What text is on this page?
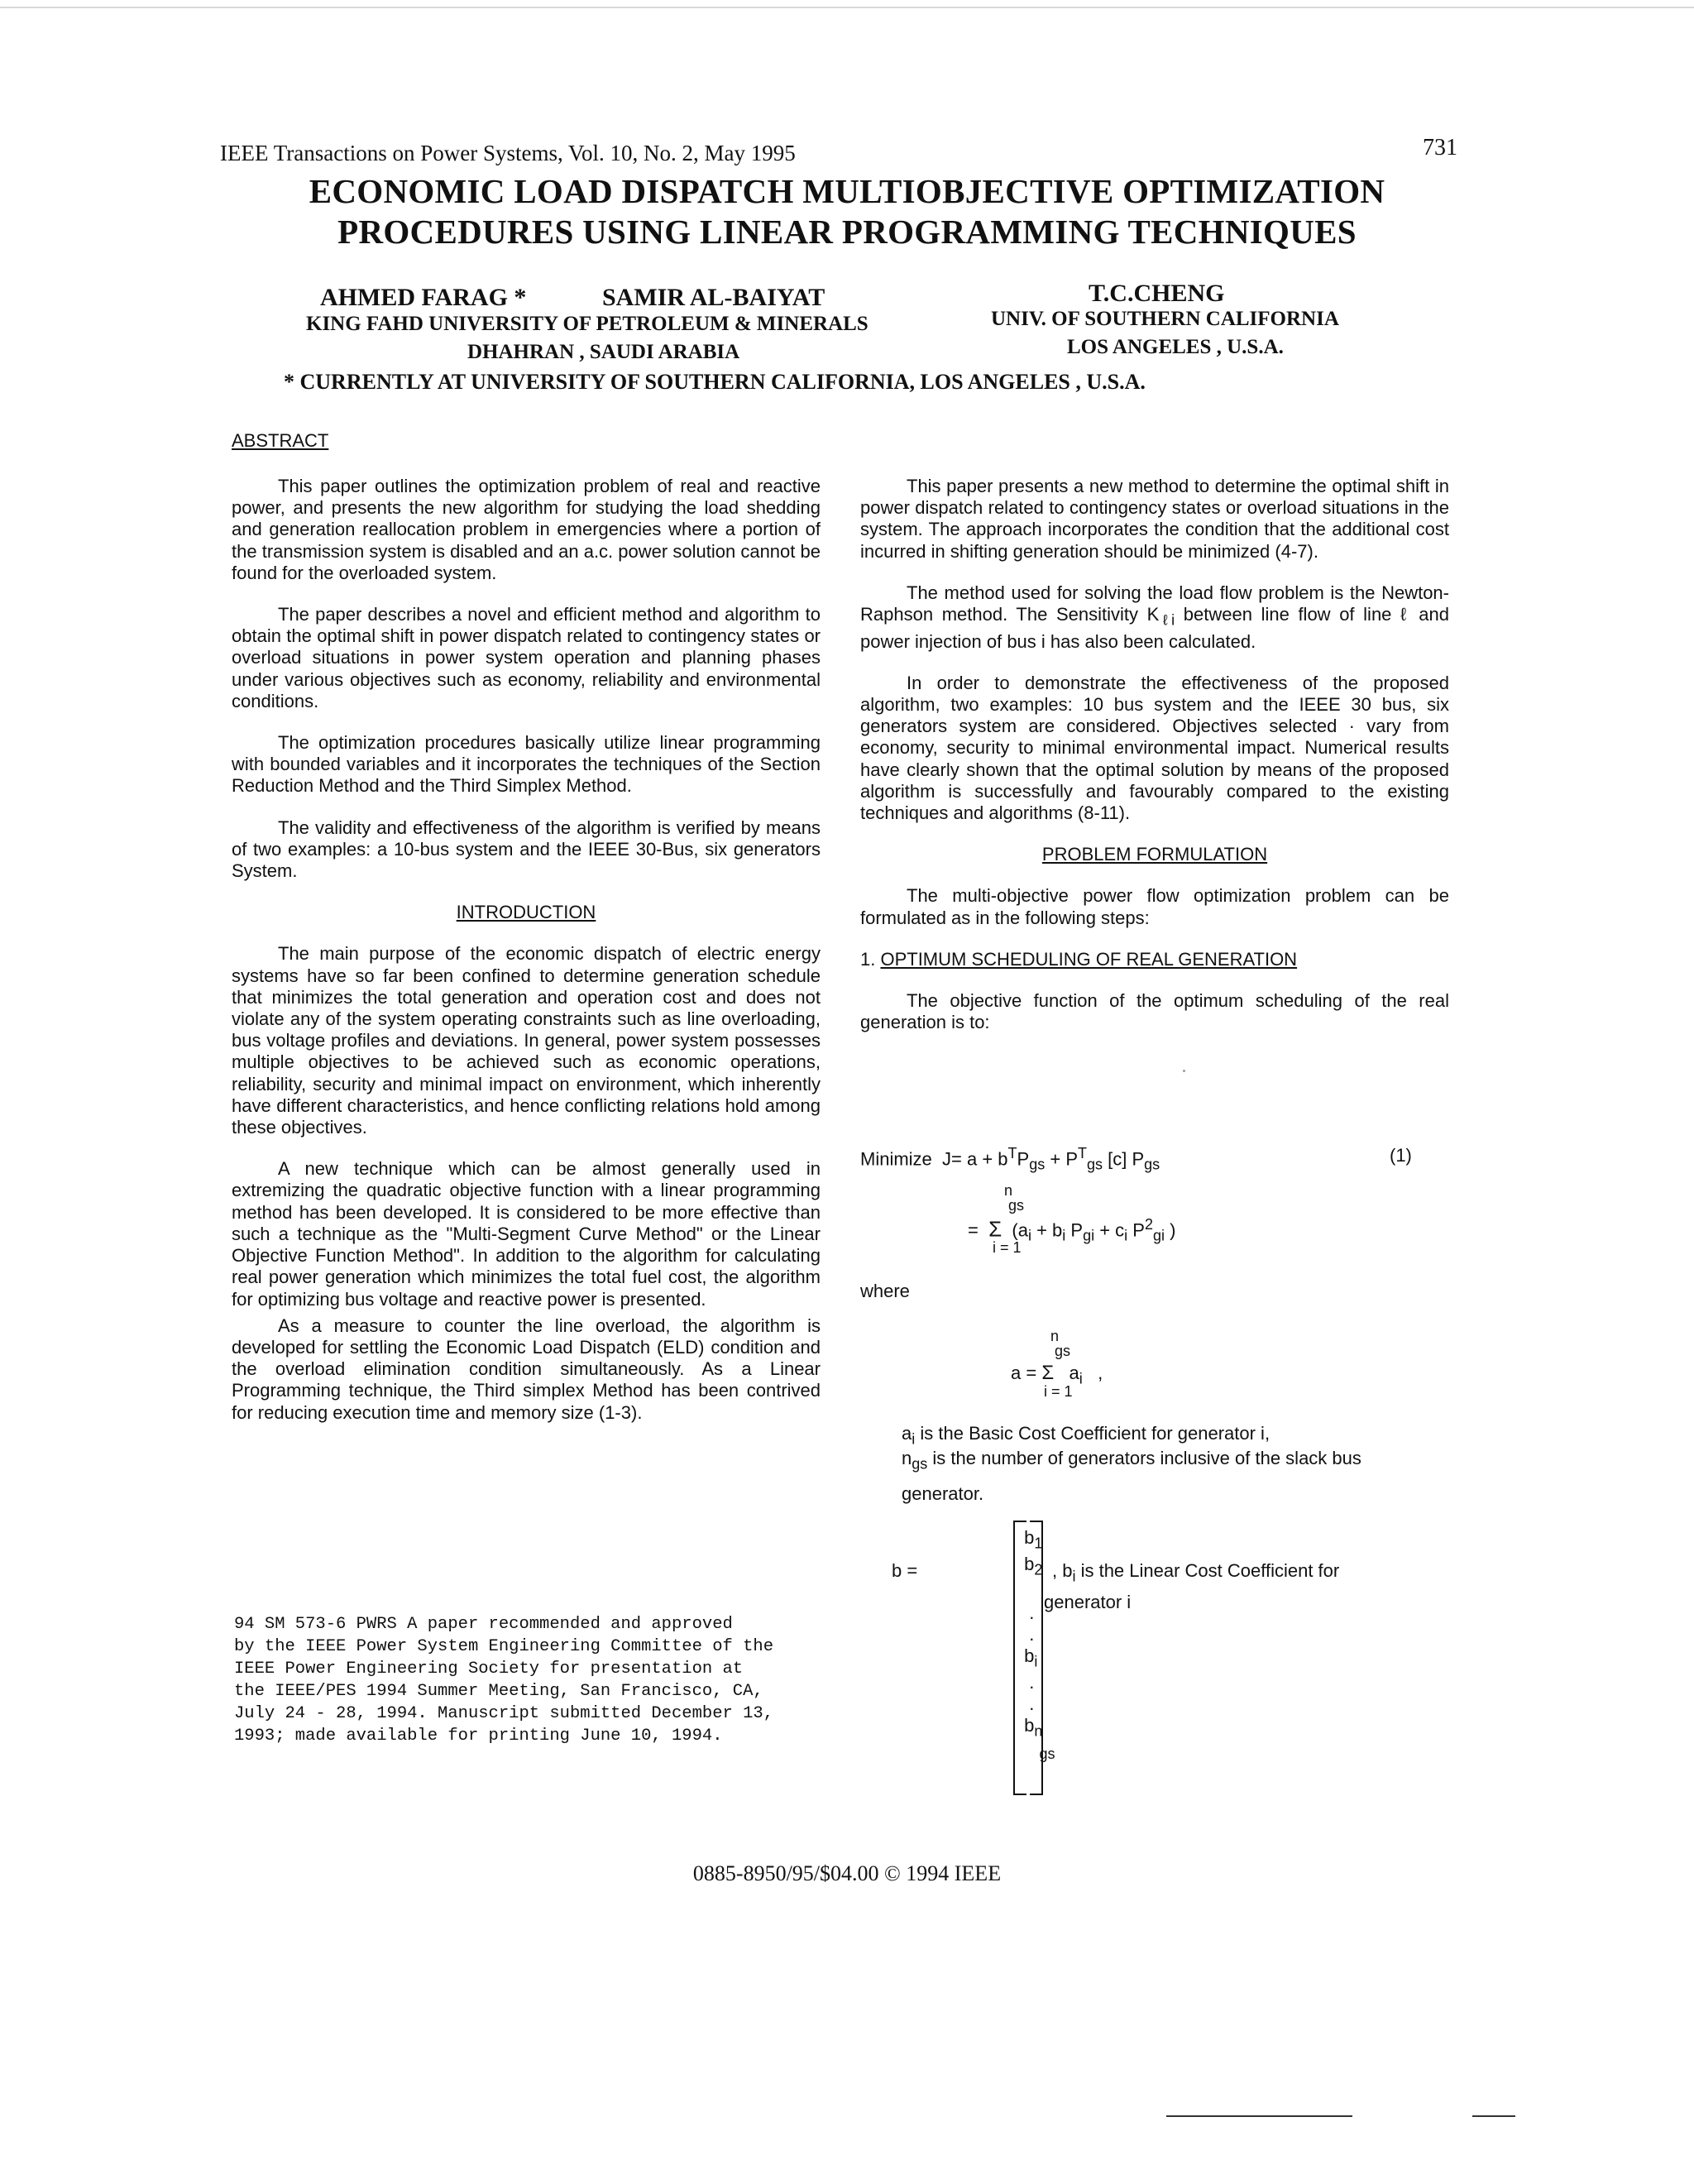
IEEE Transactions on Power Systems, Vol. 10, No. 2, May 1995	731
ECONOMIC LOAD DISPATCH MULTIOBJECTIVE OPTIMIZATION
PROCEDURES USING LINEAR PROGRAMMING TECHNIQUES
AHMED FARAG *	SAMIR AL-BAIYAT	T.C.CHENG
KING FAHD UNIVERSITY OF PETROLEUM & MINERALS
DHAHRAN , SAUDI ARABIA
UNIV. OF SOUTHERN CALIFORNIA
LOS ANGELES , U.S.A.
* CURRENTLY AT UNIVERSITY OF SOUTHERN CALIFORNIA, LOS ANGELES , U.S.A.
ABSTRACT

This paper outlines the optimization problem of real and reactive power, and presents the new algorithm for studying the load shedding and generation reallocation problem in emergencies where a portion of the transmission system is disabled and an a.c. power solution cannot be found for the overloaded system.

The paper describes a novel and efficient method and algorithm to obtain the optimal shift in power dispatch related to contingency states or overload situations in power system operation and planning phases under various objectives such as economy, reliability and environmental conditions.

The optimization procedures basically utilize linear programming with bounded variables and it incorporates the techniques of the Section Reduction Method and the Third Simplex Method.

The validity and effectiveness of the algorithm is verified by means of two examples: a 10-bus system and the IEEE 30-Bus, six generators System.

INTRODUCTION

The main purpose of the economic dispatch of electric energy systems have so far been confined to determine generation schedule that minimizes the total generation and operation cost and does not violate any of the system operating constraints such as line overloading, bus voltage profiles and deviations. In general, power system possesses multiple objectives to be achieved such as economic operations, reliability, security and minimal impact on environment, which inherently have different characteristics, and hence conflicting relations hold among these objectives.

A new technique which can be almost generally used in extremizing the quadratic objective function with a linear programming method has been developed. It is considered to be more effective than such a technique as the "Multi-Segment Curve Method" or the Linear Objective Function Method". In addition to the algorithm for calculating real power generation which minimizes the total fuel cost, the algorithm for optimizing bus voltage and reactive power is presented.

As a measure to counter the line overload, the algorithm is developed for settling the Economic Load Dispatch (ELD) condition and the overload elimination condition simultaneously. As a Linear Programming technique, the Third simplex Method has been contrived for reducing execution time and memory size (1-3).

94 SM 573-6 PWRS A paper recommended and approved
by the IEEE Power System Engineering Committee of the
IEEE Power Engineering Society for presentation at
the IEEE/PES 1994 Summer Meeting, San Francisco, CA,
July 24 - 28, 1994. Manuscript submitted December 13,
1993; made available for printing June 10, 1994.

This paper presents a new method to determine the optimal shift in power dispatch related to contingency states or overload situations in the system. The approach incorporates the condition that the additional cost incurred in shifting generation should be minimized (4-7).

The method used for solving the load flow problem is the Newton-Raphson method. The Sensitivity $K_{\ell i}$ between line flow of line ℓ and power injection of bus i has also been calculated.

In order to demonstrate the effectiveness of the proposed algorithm, two examples: 10 bus system and the IEEE 30 bus, six generators system are considered. Objectives selected · vary from economy, security to minimal environmental impact. Numerical results have clearly shown that the optimal solution by means of the proposed algorithm is successfully and favourably compared to the existing techniques and algorithms (8-11).

PROBLEM FORMULATION

The multi-objective power flow optimization problem can be formulated as in the following steps:

1. OPTIMUM SCHEDULING OF REAL GENERATION

The objective function of the optimum scheduling of the real generation is to:

Minimize $J= a + b^TP_{gs} + P^T_{gs}$ [c] $P_{gs}$	(1)
=  Σ  ($a_i + b_i$ $P_{gi} + c_i$ $P^2_{gi}$ )
n
gs
i = 1
where
n
gs
a = Σ   $a_i$   ,
i = 1
$a_i$ is the Basic Cost Coefficient for generator i,
$n_{gs}$ is the number of generators inclusive of the slack bus
generator.
b =
$b_1$
$b_2$

.
.
$b_i$
.
.
$b_n$
gs
, $b_i$ is the Linear Cost Coefficient for
generator i
0885-8950/95/$04.00 © 1994 IEEE
